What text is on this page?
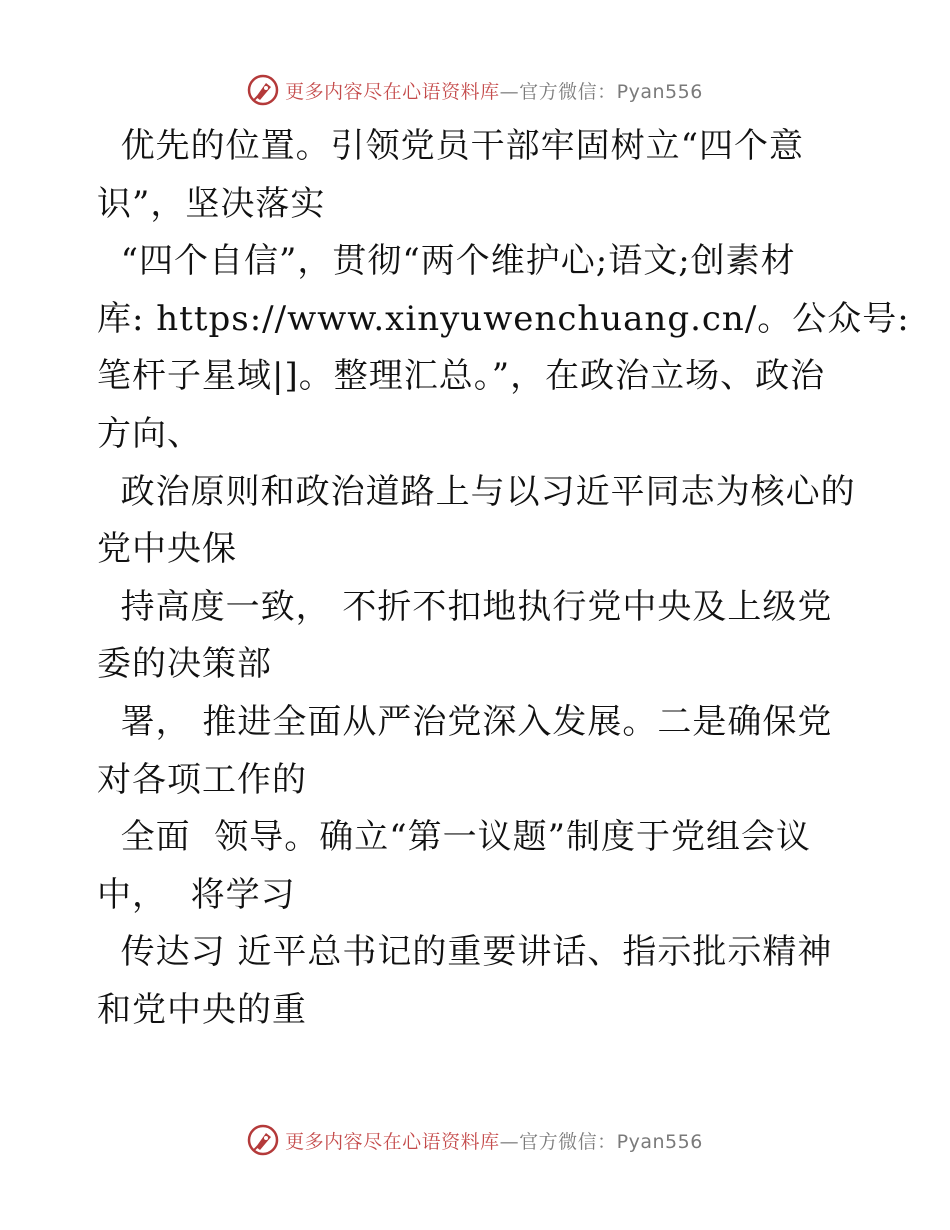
更多内容尽在心语资料库—官方微信：Pyan556
优先的位置。引领党员干部牢固树立“四个意
识”，坚决落实
“四个自信”，贯彻“两个维护心;语文;创素材
库: https://www.xinyuwenchuang.cn/。公众号:
笔杆子星域|]。整理汇总。”，在政治立场、政治
方向、
政治原则和政治道路上与以习近平同志为核心的
党中央保
持高度一致， 不折不扣地执行党中央及上级党
委的决策部
署， 推进全面从严治党深入发展。二是确保党
对各项工作的
全面  领导。确立“第一议题”制度于党组会议
中，  将学习
传达习 近平总书记的重要讲话、指示批示精神
和党中央的重
更多内容尽在心语资料库—官方微信：Pyan556
